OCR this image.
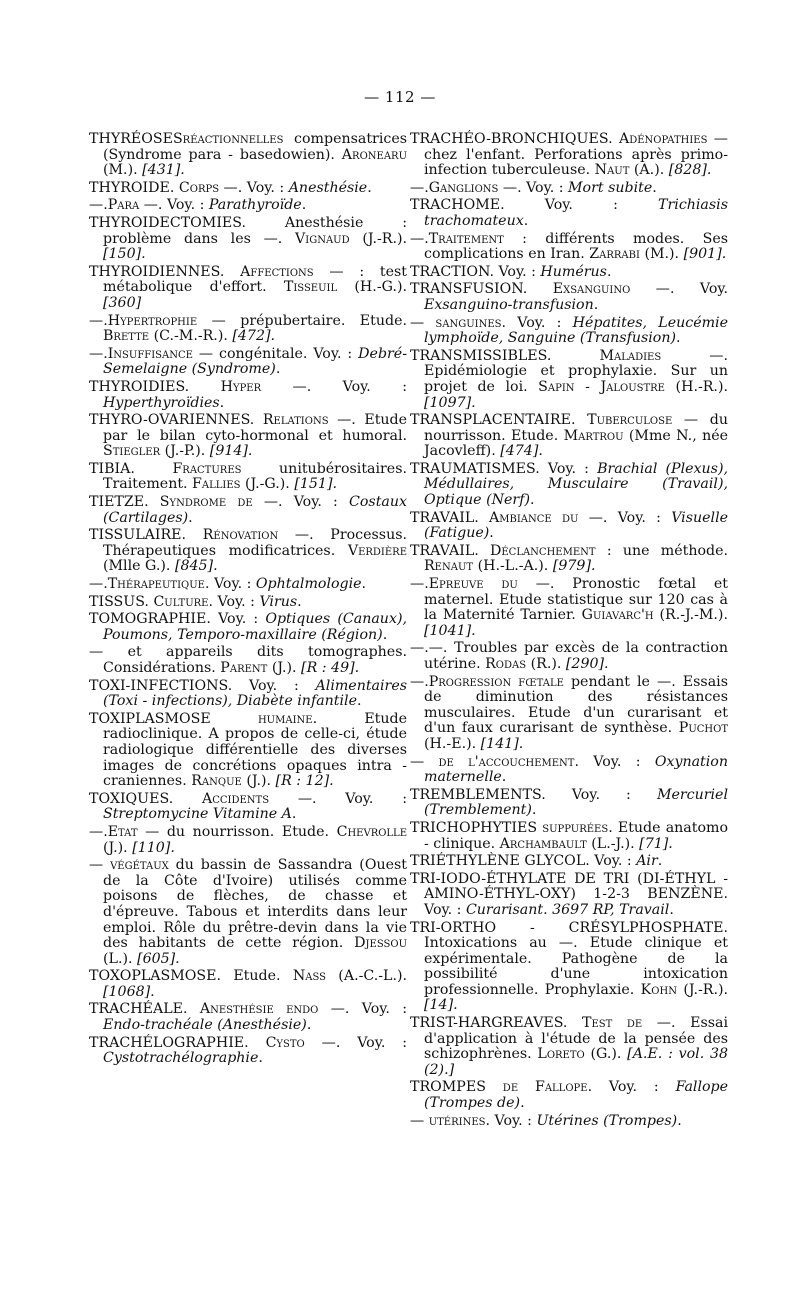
— 112 —
THYRÉOSESréactionnelles compensatrices (Syndrome para - basedowien). Aronearu (M.). [431].
THYROIDE. Corps —. Voy. : Anesthésie.
—.Para —. Voy. : Parathyroïde.
THYROIDECTOMIES. Anesthésie : problème dans les —. Vignaud (J.-R.). [150].
THYROIDIENNES. Affections — : test métabolique d'effort. Tisseuil (H.-G.). [360]
—.Hypertrophie — prépubertaire. Etude. Brette (C.-M.-R.). [472].
—.Insuffisance — congénitale. Voy. : Debré-Semelaigne (Syndrome).
THYROIDIES. Hyper —. Voy. : Hyperthyroïdies.
THYRO-OVARIENNES. Relations —. Etude par le bilan cyto-hormonal et humoral. Stiegler (J.-P.). [914].
TIBIA. Fractures unitubérositaires. Traitement. Fallies (J.-G.). [151].
TIETZE. Syndrome de —. Voy. : Costaux (Cartilages).
TISSULAIRE. Rénovation —. Processus. Thérapeutiques modificatrices. Verdière (Mlle G.). [845].
—.Thérapeutique. Voy. : Ophtalmologie.
TISSUS. Culture. Voy. : Virus.
TOMOGRAPHIE. Voy. : Optiques (Canaux), Poumons, Temporo-maxillaire (Région).
— et appareils dits tomographes. Considérations. Parent (J.). [R : 49].
TOXI-INFECTIONS. Voy. : Alimentaires (Toxi - infections), Diabète infantile.
TOXIPLASMOSE humaine. Etude radioclinique. A propos de celle-ci, étude radiologique différentielle des diverses images de concrétions opaques intra - craniennes. Ranque (J.). [R : 12].
TOXIQUES. Accidents —. Voy. : Streptomycine Vitamine A.
—.Etat — du nourrisson. Etude. Chevrolle (J.). [110].
— végétaux du bassin de Sassandra (Ouest de la Côte d'Ivoire) utilisés comme poisons de flèches, de chasse et d'épreuve. Tabous et interdits dans leur emploi. Rôle du prêtre-devin dans la vie des habitants de cette région. Djessou (L.). [605].
TOXOPLASMOSE. Etude. Nass (A.-C.-L.). [1068].
TRACHÉALE. Anesthésie endo —. Voy. : Endo-trachéale (Anesthésie).
TRACHÉLOGRAPHIE. Cysto —. Voy. : Cystotrachélographie.
TRACHÉO-BRONCHIQUES. Adénopathies — chez l'enfant. Perforations après primo-infection tuberculeuse. Naut (A.). [828].
—.Ganglions —. Voy. : Mort subite.
TRACHOME. Voy. : Trichiasis trachomateux.
—.Traitement : différents modes. Ses complications en Iran. Zarrabi (M.). [901].
TRACTION. Voy. : Humérus.
TRANSFUSION. Exsanguino —. Voy. Exsanguino-transfusion.
— sanguines. Voy. : Hépatites, Leucémie lymphoïde, Sanguine (Transfusion).
TRANSMISSIBLES. Maladies —. Epidémiologie et prophylaxie. Sur un projet de loi. Sapin - Jaloustre (H.-R.). [1097].
TRANSPLACENTAIRE. Tuberculose — du nourrisson. Etude. Martrou (Mme N., née Jacovleff). [474].
TRAUMATISMES. Voy. : Brachial (Plexus), Médullaires, Musculaire (Travail), Optique (Nerf).
TRAVAIL. Ambiance du —. Voy. : Visuelle (Fatigue).
TRAVAIL. Déclanchement : une méthode. Renaut (H.-L.-A.). [979].
—.Epreuve du —. Pronostic fœtal et maternel. Etude statistique sur 120 cas à la Maternité Tarnier. Guiavarc'h (R.-J.-M.). [1041].
—.—. Troubles par excès de la contraction utérine. Rodas (R.). [290].
—.Progression fœtale pendant le —. Essais de diminution des résistances musculaires. Etude d'un curarisant et d'un faux curarisant de synthèse. Puchot (H.-E.). [141].
— de l'accouchement. Voy. : Oxynation maternelle.
TREMBLEMENTS. Voy. : Mercuriel (Tremblement).
TRICHOPHYTIES suppurées. Etude anatomo - clinique. Archambault (L.-J.). [71].
TRIÉTHYLÈNE GLYCOL. Voy. : Air.
TRI-IODO-ÉTHYLATE DE TRI (DI-ÉTHYL - AMINO-ÉTHYL-OXY) 1-2-3 BENZÈNE. Voy. : Curarisant. 3697 RP, Travail.
TRI-ORTHO - CRÉSYLPHOSPHATE. Intoxications au —. Etude clinique et expérimentale. Pathogène de la possibilité d'une intoxication professionnelle. Prophylaxie. Kohn (J.-R.). [14].
TRIST-HARGREAVES. Test de —. Essai d'application à l'étude de la pensée des schizophrènes. Loreto (G.). [A.E. : vol. 38 (2).]
TROMPES de Fallope. Voy. : Fallope (Trompes de).
— utérines. Voy. : Utérines (Trompes).
